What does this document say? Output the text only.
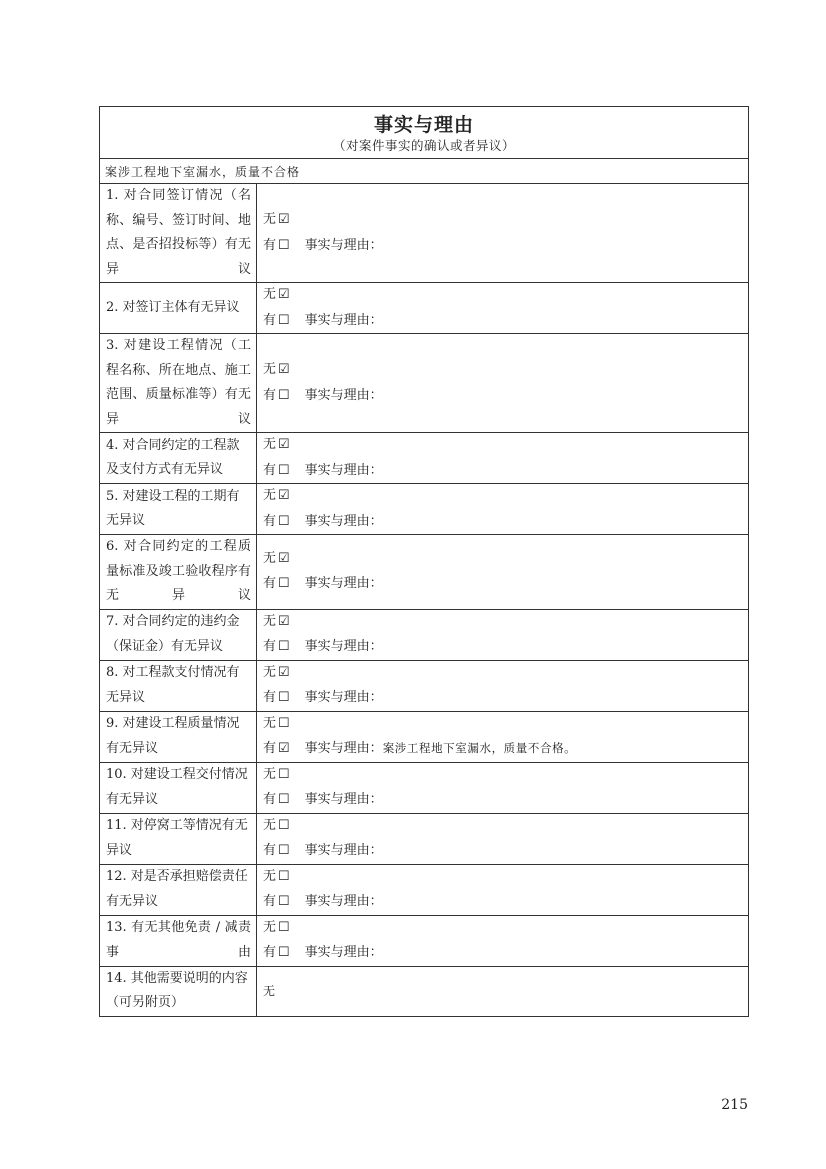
事实与理由
（对案件事实的确认或者异议）	

案涉工程地下室漏水，质量不合格	
1. 对合同签订情况（名称、编号、签订时间、地点、是否招投标等）有无异议	无 ☑
有 ☐ 事实与理由：

2. 对签订主体有无异议	无 ☑
有 ☐ 事实与理由：

3. 对建设工程情况（工程名称、所在地点、施工范围、质量标准等）有无异议	无 ☑
有 ☐ 事实与理由：

4. 对合同约定的工程款及支付方式有无异议	无 ☑
有 ☐ 事实与理由：

5. 对建设工程的工期有无异议	无 ☑
有 ☐ 事实与理由：

6. 对合同约定的工程质量标准及竣工验收程序有无异议	无 ☑
有 ☐ 事实与理由：

7. 对合同约定的违约金（保证金）有无异议	无 ☑
有 ☐ 事实与理由：

8. 对工程款支付情况有无异议	无 ☑
有 ☐ 事实与理由：

9. 对建设工程质量情况有无异议	无 ☐
有 ☑ 事实与理由：案涉工程地下室漏水，质量不合格。

10. 对建设工程交付情况有无异议	无 ☐
有 ☐ 事实与理由：

11. 对停窝工等情况有无异议	无 ☐
有 ☐ 事实与理由：

12. 对是否承担赔偿责任有无异议	无 ☐
有 ☐ 事实与理由：

13. 有无其他免责 / 减责事由	无 ☐
有 ☐ 事实与理由：

14. 其他需要说明的内容（可另附页）	无
215
